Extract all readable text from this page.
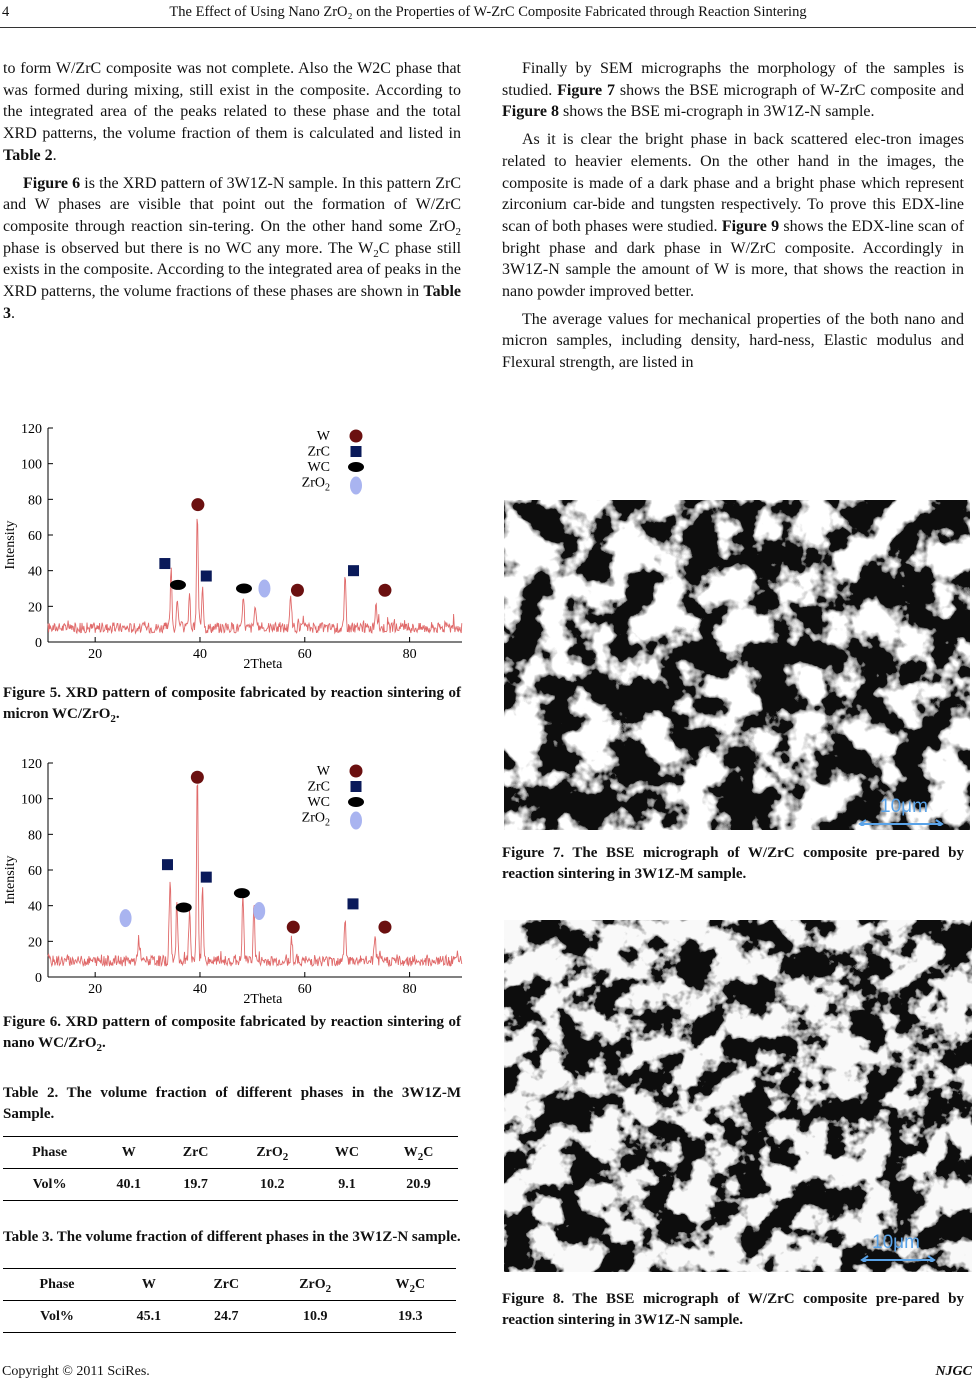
4	The Effect of Using Nano ZrO₂ on the Properties of W-ZrC Composite Fabricated through Reaction Sintering

to form W/ZrC composite was not complete. Also the W2C phase that was formed during mixing, still exist in the composite. According to the integrated area of the peaks related to these phase and the total XRD patterns, the volume fraction of them is calculated and listed in Table 2.

Figure 6 is the XRD pattern of 3W1Z-N sample. In this pattern ZrC and W phases are visible that point out the formation of W/ZrC composite through reaction sin-tering. On the other hand some ZrO$_2$ phase is observed but there is no WC any more. The $W_2C$ phase still exists in the composite. According to the integrated area of peaks in the XRD patterns, the volume fractions of these phases are shown in Table 3.

0
20
40
60
80
100
120
20	40	60	80
2Theta
Intensity
W
ZrC
WC
ZrO$_2$
Figure 5. XRD pattern of composite fabricated by reaction sintering of micron WC/ZrO$_2$.
0
20
40
60
80
100
120
20	40	60	80
2Theta
Intensity
W
ZrC
WC
ZrO$_2$
Figure 6. XRD pattern of composite fabricated by reaction sintering of nano WC/ZrO$_2$.
Table 2. The volume fraction of different phases in the 3W1Z-M Sample.
Phase	W	ZrC	ZrO$_2$	WC	$W_2C$
Vol%	40.1	19.7	10.2	9.1	20.9
Table 3. The volume fraction of different phases in the 3W1Z-N sample.
Phase	W	ZrC	ZrO$_2$	$W_2C$
Vol%	45.1	24.7	10.9	19.3

Finally by SEM micrographs the morphology of the samples is studied. Figure 7 shows the BSE micrograph of W-ZrC composite and Figure 8 shows the BSE mi-crograph in 3W1Z-N sample.

As it is clear the bright phase in back scattered elec-tron images related to heavier elements. On the other hand in the images, the composite is made of a dark phase and a bright phase which represent zirconium car-bide and tungsten respectively. To prove this EDX-line scan of both phases were studied. Figure 9 shows the EDX-line scan of bright phase and dark phase in W/ZrC composite. Accordingly in 3W1Z-N sample the amount of W is more, that shows the reaction in nano powder improved better.

The average values for mechanical properties of the both nano and micron samples, including density, hard-ness, Elastic modulus and Flexural strength, are listed in

10μm
Figure 7. The BSE micrograph of W/ZrC composite pre-pared by reaction sintering in 3W1Z-M sample.
10μm
Figure 8. The BSE micrograph of W/ZrC composite pre-pared by reaction sintering in 3W1Z-N sample.
Copyright © 2011 SciRes.	NJGC
